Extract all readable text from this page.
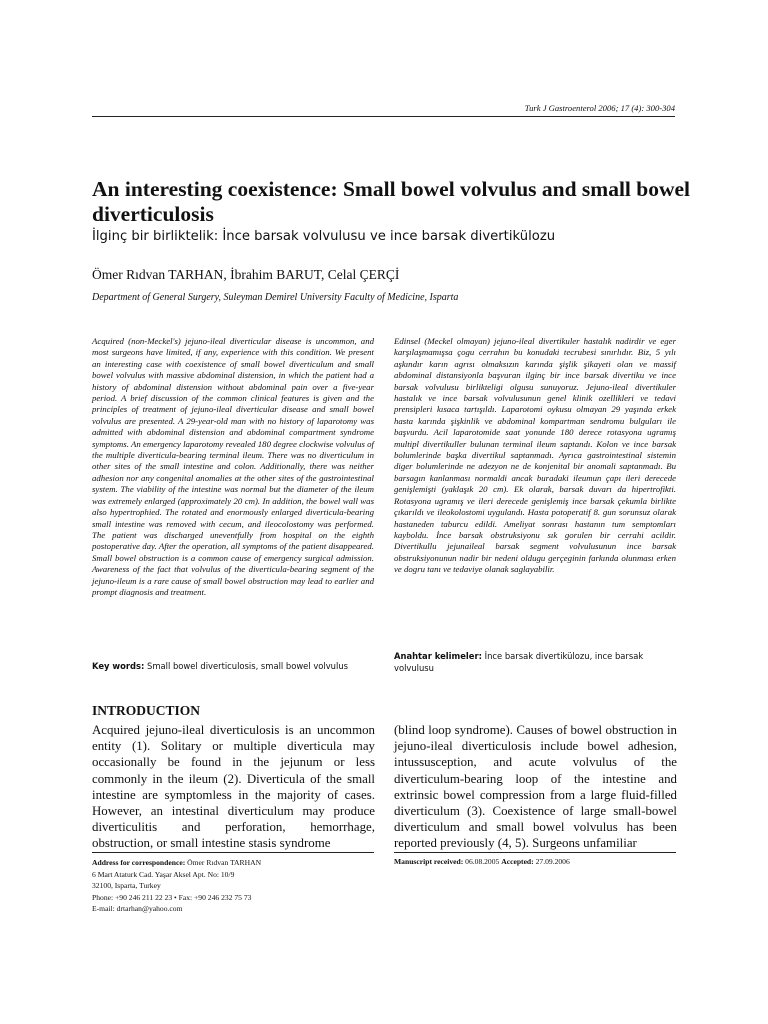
Turk J Gastroenterol 2006; 17 (4): 300-304
An interesting coexistence: Small bowel volvulus and small bowel diverticulosis
İlginç bir birliktelik: İnce barsak volvulusu ve ince barsak divertikülozu
Ömer Rıdvan TARHAN, İbrahim BARUT, Celal ÇERÇİ
Department of General Surgery, Suleyman Demirel University Faculty of Medicine, Isparta

Acquired (non-Meckel's) jejuno-ileal diverticular disease is uncommon, and most surgeons have limited, if any, experience with this condition. We present an interesting case with coexistence of small bowel diverticulum and small bowel volvulus with massive abdominal distension, in which the patient had a history of abdominal distension without abdominal pain over a five-year period. A brief discussion of the common clinical features is given and the principles of treatment of jejuno-ileal diverticular disease and small bowel volvulus are presented. A 29-year-old man with no history of laparotomy was admitted with abdominal distension and abdominal compartment syndrome symptoms. An emergency laparotomy revealed 180 degree clockwise volvulus of the multiple diverticula-bearing terminal ileum. There was no diverticulum in other sites of the small intestine and colon. Additionally, there was neither adhesion nor any congenital anomalies at the other sites of the gastrointestinal system. The viability of the intestine was normal but the diameter of the ileum was extremely enlarged (approximately 20 cm). In addition, the bowel wall was also hypertrophied. The rotated and enormously enlarged diverticula-bearing small intestine was removed with cecum, and ileocolostomy was performed. The patient was discharged uneventfully from hospital on the eighth postoperative day. After the operation, all symptoms of the patient disappeared. Small bowel obstruction is a common cause of emergency surgical admission. Awareness of the fact that volvulus of the diverticula-bearing segment of the jejuno-ileum is a rare cause of small bowel obstruction may lead to earlier and prompt diagnosis and treatment.

Key words: Small bowel diverticulosis, small bowel volvulus

Edinsel (Meckel olmayan) jejuno-ileal divertikuler hastalık nadirdir ve eger karşılaşmamışsa çogu cerrahın bu konudaki tecrubesi sınırlıdır. Biz, 5 yılı aşkındır karın agrısı olmaksızın karında şişlik şikayeti olan ve massif abdominal distansiyonla başvuran ilginç bir ince barsak divertiku ve ince barsak volvulusu birlikteligi olgusu sunuyoruz. Jejuno-ileal divertikuler hastalık ve ince barsak volvulusunun genel klinik ozellikleri ve tedavi prensipleri kısaca tartışıldı. Laparotomi oykusu olmayan 29 yaşında erkek hasta karında şişkinlik ve abdominal kompartman sendromu bulguları ile başvurdu. Acil laparotomide saat yonunde 180 derece rotasyona ugramış multipl divertikuller bulunan terminal ileum saptandı. Kolon ve ince barsak bolumlerinde başka divertikul saptanmadı. Ayrıca gastrointestinal sistemin diger bolumlerinde ne adezyon ne de konjenital bir anomali saptanmadı. Bu barsagın kanlanması normaldi ancak buradaki ileumun çapı ileri derecede genişlemişti (yaklaşık 20 cm). Ek olarak, barsak duvarı da hipertrofikti. Rotasyona ugramış ve ileri derecede genişlemiş ince barsak çekumla birlikte çıkarıldı ve ileokolostomi uygulandı. Hasta potoperatif 8. gun sorunsuz olarak hastaneden taburcu edildi. Ameliyat sonrası hastanın tum semptomları kayboldu. İnce barsak obstruksiyonu sık gorulen bir cerrahi acildir. Divertikullu jejunaileal barsak segment volvulusunun ince barsak obstruksiyonunun nadir bir nedeni oldugu gerçeginin farkında olunması erken ve dogru tanı ve tedaviye olanak saglayabilir.

Anahtar kelimeler: İnce barsak divertikülozu, ince barsak volvulusu
INTRODUCTION

Acquired jejuno-ileal diverticulosis is an uncommon entity (1). Solitary or multiple diverticula may occasionally be found in the jejunum or less commonly in the ileum (2). Diverticula of the small intestine are symptomless in the majority of cases. However, an intestinal diverticulum may produce diverticulitis and perforation, hemorrhage, obstruction, or small intestine stasis syndrome

(blind loop syndrome). Causes of bowel obstruction in jejuno-ileal diverticulosis include bowel adhesion, intussusception, and acute volvulus of the diverticulum-bearing loop of the intestine and extrinsic bowel compression from a large fluid-filled diverticulum (3). Coexistence of large small-bowel diverticulum and small bowel volvulus has been reported previously (4, 5). Surgeons unfamiliar

Address for correspondence: Ömer Rıdvan TARHAN
6 Mart Ataturk Cad. Yaşar Aksel Apt. No: 10/9
32100, Isparta, Turkey
Phone: +90 246 211 22 23 • Fax: +90 246 232 75 73
E-mail: drtarhan@yahoo.com
Manuscript received: 06.08.2005 Accepted: 27.09.2006
